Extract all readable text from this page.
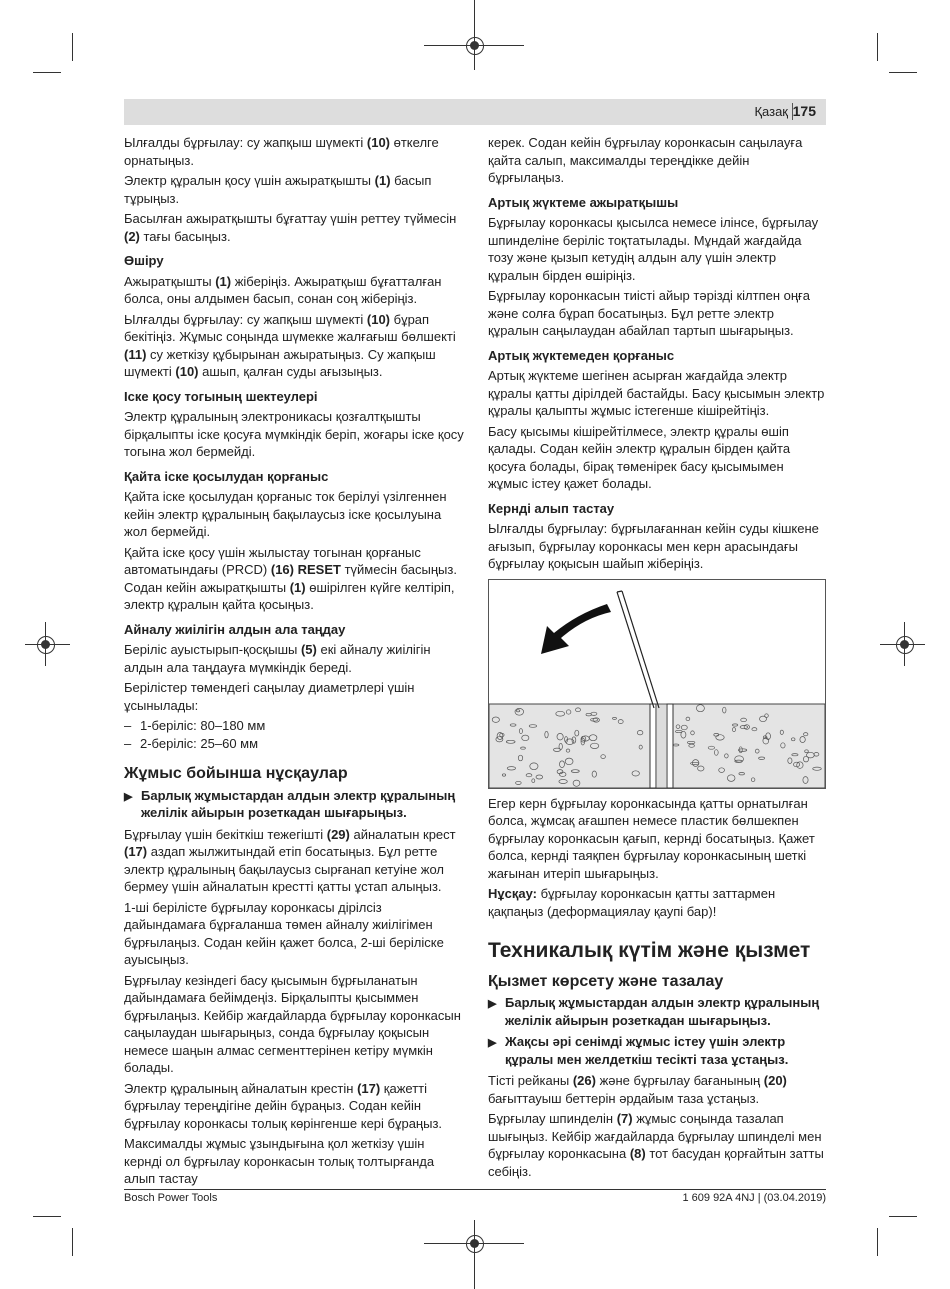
Қазақ 175

Ылғалды бұрғылау: су жапқыш шүмекті (10) өткелге орнатыңыз.

Электр құралын қосу үшін ажыратқышты (1) басып тұрыңыз.

Басылған ажыратқышты бұғаттау үшін реттеу түймесін (2) тағы басыңыз.

Өшіру

Ажыратқышты (1) жіберіңіз. Ажыратқыш бұғатталған болса, оны алдымен басып, сонан соң жіберіңіз.

Ылғалды бұрғылау: су жапқыш шүмекті (10) бұрап бекітіңіз. Жұмыс соңында шүмекке жалғағыш бөлшекті (11) су жеткізу құбырынан ажыратыңыз. Су жапқыш шүмекті (10) ашып, қалған суды ағызыңыз.

Іске қосу тогының шектеулері

Электр құралының электроникасы қозғалтқышты бірқалыпты іске қосуға мүмкіндік беріп, жоғары іске қосу тогына жол бермейді.

Қайта іске қосылудан қорғаныс

Қайта іске қосылудан қорғаныс ток берілуі үзілгеннен кейін электр құралының бақылаусыз іске қосылуына жол бермейді.

Қайта іске қосу үшін жылыстау тогынан қорғаныс автоматындағы (PRCD) (16) RESET түймесін басыңыз. Содан кейін ажыратқышты (1) өшірілген күйге келтіріп, электр құралын қайта қосыңыз.

Айналу жиілігін алдын ала таңдау

Беріліс ауыстырып-қосқышы (5) екі айналу жиілігін алдын ала таңдауға мүмкіндік береді.

Берілістер төмендегі саңылау диаметрлері үшін ұсынылады:

– 1-беріліс: 80–180 мм
– 2-беріліс: 25–60 мм
Жұмыс бойынша нұсқаулар
▶ Барлық жұмыстардан алдын электр құралының желілік айырын розеткадан шығарыңыз.

Бұрғылау үшін бекіткіш тежегішті (29) айналатын крест (17) аздап жылжитындай етіп босатыңыз. Бұл ретте электр құралының бақылаусыз сырғанап кетуіне жол бермеу үшін айналатын крестті қатты ұстап алыңыз.

1-ші берілісте бұрғылау коронкасы дірілсіз дайындамаға бұрғаланша төмен айналу жиілігімен бұрғылаңыз. Содан кейін қажет болса, 2-ші берілiске ауысыңыз.

Бұрғылау кезіндегі басу қысымын бұрғыланатын дайындамаға бейімдеңіз. Бірқалыпты қысыммен бұрғылаңыз. Кейбір жағдайларда бұрғылау коронкасын саңылаудан шығарыңыз, сонда бұрғылау қоқысын немесе шаңын алмас сегменттерінен кетіру мүмкін болады.

Электр құралының айналатын крестін (17) қажетті бұрғылау тереңдігіне дейін бұраңыз. Содан кейін бұрғылау коронкасы толық көрінгенше кері бұраңыз.

Максималды жұмыс ұзындығына қол жеткізу үшін кернді ол бұрғылау коронкасын толық толтырғанда алып тастау

керек. Содан кейін бұрғылау коронкасын саңылауға қайта салып, максималды тереңдікке дейін бұрғылаңыз.

Артық жүктеме ажыратқышы

Бұрғылау коронкасы қысылса немесе ілінсе, бұрғылау шпинделіне беріліс тоқтатылады. Мұндай жағдайда тозу және қызып кетудің алдын алу үшін электр құралын бірден өшіріңіз.

Бұрғылау коронкасын тиісті айыр тәрізді кілтпен оңға және солға бұрап босатыңыз. Бұл ретте электр құралын саңылаудан абайлап тартып шығарыңыз.

Артық жүктемеден қорғаныс

Артық жүктеме шегінен асырған жағдайда электр құралы қатты дірілдей бастайды. Басу қысымын электр құралы қалыпты жұмыс істегенше кішірейтіңіз.

Басу қысымы кішірейтілмесе, электр құралы өшіп қалады. Содан кейін электр құралын бірден қайта қосуға болады, бірақ төменірек басу қысымымен жұмыс істеу қажет болады.

Кернді алып тастау

Ылғалды бұрғылау: бұрғылағаннан кейін суды кішкене ағызып, бұрғылау коронкасы мен керн арасындағы бұрғылау қоқысын шайып жіберіңіз.

Егер керн бұрғылау коронкасында қатты орнатылған болса, жұмсақ ағашпен немесе пластик бөлшекпен бұрғылау коронкасын қағып, кернді босатыңыз. Қажет болса, кернді таяқпен бұрғылау коронкасының шеткі жағынан итеріп шығарыңыз.

Нұсқау: бұрғылау коронкасын қатты заттармен қақпаңыз (деформациялау қаупі бар)!

Техникалық күтім және қызмет
Қызмет көрсету және тазалау
▶ Барлық жұмыстардан алдын электр құралының желілік айырын розеткадан шығарыңыз.
▶ Жақсы әрі сенімді жұмыс істеу үшін электр құралы мен желдеткіш тесікті таза ұстаңыз.

Тісті рейканы (26) және бұрғылау бағанының (20) бағыттауыш беттерін әрдайым таза ұстаңыз.

Бұрғылау шпинделін (7) жұмыс соңында тазалап шығыңыз. Кейбір жағдайларда бұрғылау шпинделі мен бұрғылау коронкасына (8) тот басудан қорғайтын затты себіңіз.

Bosch Power Tools	1 609 92A 4NJ | (03.04.2019)
